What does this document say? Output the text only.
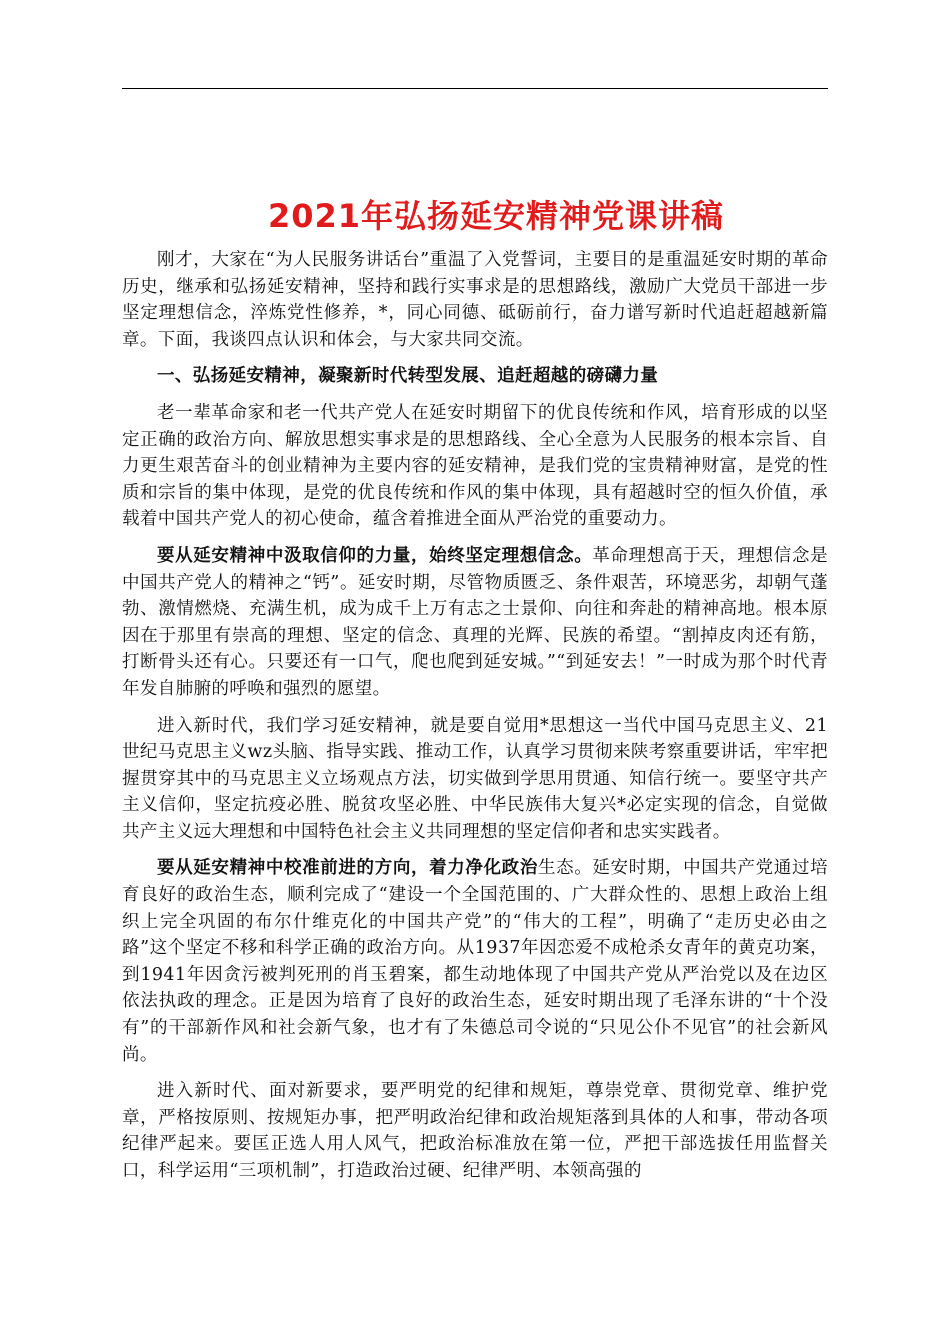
2021年弘扬延安精神党课讲稿

刚才，大家在“为人民服务讲话台”重温了入党誓词，主要目的是重温延安时期的革命历史，继承和弘扬延安精神，坚持和践行实事求是的思想路线，激励广大党员干部进一步坚定理想信念，淬炼党性修养，*，同心同德、砥砺前行，奋力谱写新时代追赶超越新篇章。下面，我谈四点认识和体会，与大家共同交流。

一、弘扬延安精神，凝聚新时代转型发展、追赶超越的磅礴力量

老一辈革命家和老一代共产党人在延安时期留下的优良传统和作风，培育形成的以坚定正确的政治方向、解放思想实事求是的思想路线、全心全意为人民服务的根本宗旨、自力更生艰苦奋斗的创业精神为主要内容的延安精神，是我们党的宝贵精神财富，是党的性质和宗旨的集中体现，是党的优良传统和作风的集中体现，具有超越时空的恒久价值，承载着中国共产党人的初心使命，蕴含着推进全面从严治党的重要动力。

要从延安精神中汲取信仰的力量，始终坚定理想信念。革命理想高于天，理想信念是中国共产党人的精神之“钙”。延安时期，尽管物质匮乏、条件艰苦，环境恶劣，却朝气蓬勃、激情燃烧、充满生机，成为成千上万有志之士景仰、向往和奔赴的精神高地。根本原因在于那里有崇高的理想、坚定的信念、真理的光辉、民族的希望。“割掉皮肉还有筋，打断骨头还有心。只要还有一口气，爬也爬到延安城。”“到延安去！”一时成为那个时代青年发自肺腑的呼唤和强烈的愿望。

进入新时代，我们学习延安精神，就是要自觉用*思想这一当代中国马克思主义、21世纪马克思主义wz头脑、指导实践、推动工作，认真学习贯彻来陕考察重要讲话，牢牢把握贯穿其中的马克思主义立场观点方法，切实做到学思用贯通、知信行统一。要坚守共产主义信仰，坚定抗疫必胜、脱贫攻坚必胜、中华民族伟大复兴*必定实现的信念，自觉做共产主义远大理想和中国特色社会主义共同理想的坚定信仰者和忠实实践者。

要从延安精神中校准前进的方向，着力净化政治生态。延安时期，中国共产党通过培育良好的政治生态，顺利完成了“建设一个全国范围的、广大群众性的、思想上政治上组织上完全巩固的布尔什维克化的中国共产党”的“伟大的工程”，明确了“走历史必由之路”这个坚定不移和科学正确的政治方向。从1937年因恋爱不成枪杀女青年的黄克功案，到1941年因贪污被判死刑的肖玉碧案，都生动地体现了中国共产党从严治党以及在边区依法执政的理念。正是因为培育了良好的政治生态，延安时期出现了毛泽东讲的“十个没有”的干部新作风和社会新气象，也才有了朱德总司令说的“只见公仆不见官”的社会新风尚。

进入新时代、面对新要求，要严明党的纪律和规矩，尊崇党章、贯彻党章、维护党章，严格按原则、按规矩办事，把严明政治纪律和政治规矩落到具体的人和事，带动各项纪律严起来。要匡正选人用人风气，把政治标准放在第一位，严把干部选拔任用监督关口，科学运用“三项机制”，打造政治过硬、纪律严明、本领高强的
